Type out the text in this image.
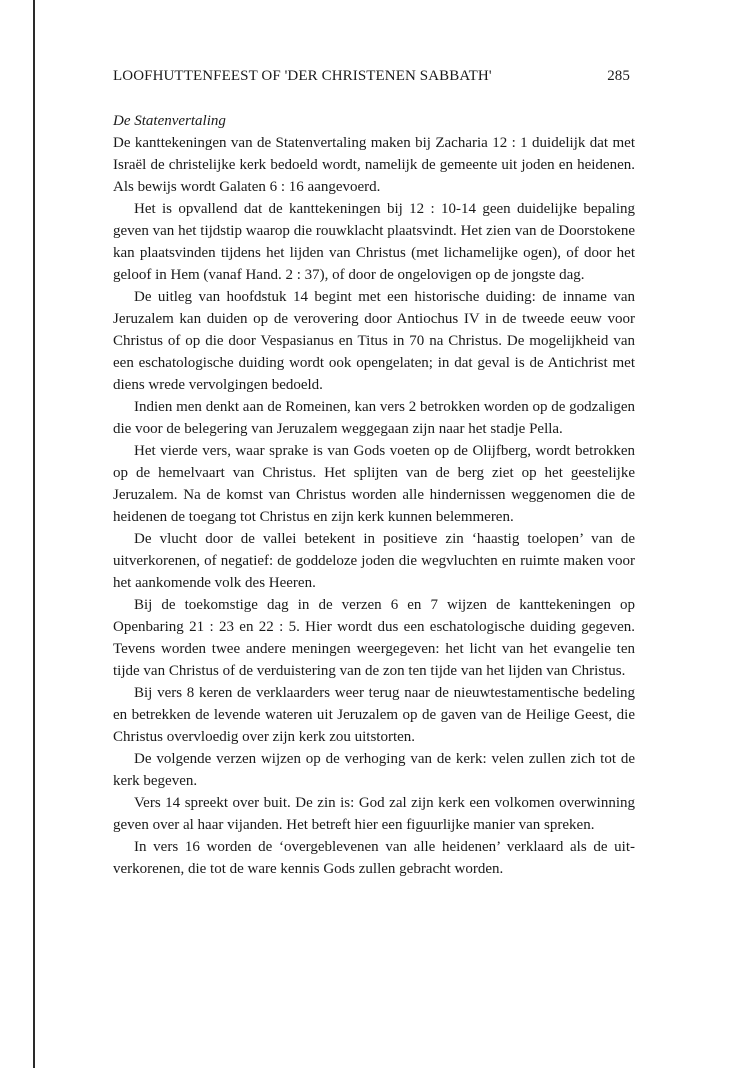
LOOFHUTTENFEEST OF 'DER CHRISTENEN SABBATH'	285
De Statenvertaling

De kanttekeningen van de Statenvertaling maken bij Zacharia 12 : 1 duidelijk dat met Israël de christelijke kerk bedoeld wordt, namelijk de gemeente uit joden en heidenen. Als bewijs wordt Galaten 6 : 16 aangevoerd.

Het is opvallend dat de kanttekeningen bij 12 : 10-14 geen duidelijke bepaling geven van het tijdstip waarop die rouwklacht plaatsvindt. Het zien van de Doorstokene kan plaatsvinden tijdens het lijden van Christus (met lichamelijke ogen), of door het geloof in Hem (vanaf Hand. 2 : 37), of door de ongelovigen op de jongste dag.

De uitleg van hoofdstuk 14 begint met een historische duiding: de inname van Jeruzalem kan duiden op de verovering door Antiochus IV in de tweede eeuw voor Christus of op die door Vespasianus en Titus in 70 na Christus. De mogelijkheid van een eschatologische duiding wordt ook opengelaten; in dat geval is de Antichrist met diens wrede vervolgingen bedoeld.

Indien men denkt aan de Romeinen, kan vers 2 betrokken worden op de godzaligen die voor de belegering van Jeruzalem weggegaan zijn naar het stadje Pella.

Het vierde vers, waar sprake is van Gods voeten op de Olijfberg, wordt betrokken op de hemelvaart van Christus. Het splijten van de berg ziet op het geestelijke Jeruzalem. Na de komst van Christus worden alle hindernissen weggenomen die de heidenen de toegang tot Christus en zijn kerk kunnen belemmeren.

De vlucht door de vallei betekent in positieve zin ‘haastig toelopen’ van de uitverkorenen, of negatief: de goddeloze joden die wegvluchten en ruimte maken voor het aankomende volk des Heeren.

Bij de toekomstige dag in de verzen 6 en 7 wijzen de kanttekeningen op Openbaring 21 : 23 en 22 : 5. Hier wordt dus een eschatologische duiding gegeven. Tevens worden twee andere meningen weergegeven: het licht van het evangelie ten tijde van Christus of de verduistering van de zon ten tijde van het lijden van Christus.

Bij vers 8 keren de verklaarders weer terug naar de nieuwtestamentische bedeling en betrekken de levende wateren uit Jeruzalem op de gaven van de Heilige Geest, die Christus overvloedig over zijn kerk zou uitstorten.

De volgende verzen wijzen op de verhoging van de kerk: velen zullen zich tot de kerk begeven.

Vers 14 spreekt over buit. De zin is: God zal zijn kerk een volkomen overwinning geven over al haar vijanden. Het betreft hier een figuurlijke manier van spreken.

In vers 16 worden de ‘overgeblevenen van alle heidenen’ verklaard als de uitverkorenen, die tot de ware kennis Gods zullen gebracht worden.
